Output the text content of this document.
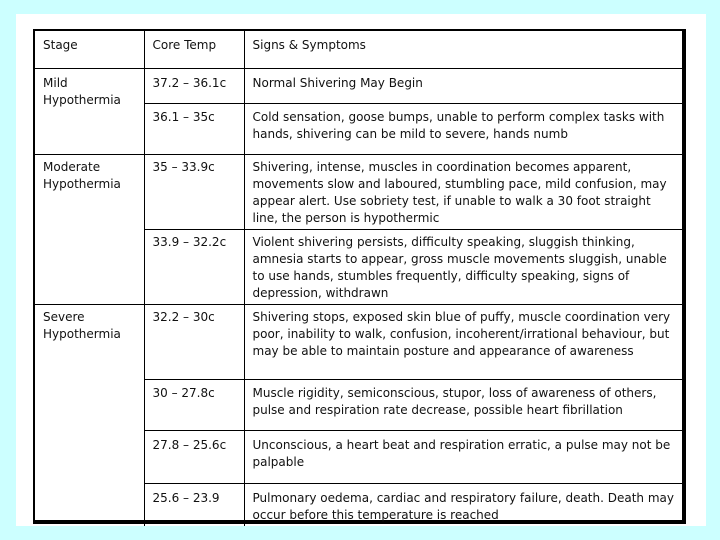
Stage	Core Temp	Signs & Symptoms
Mild Hypothermia	37.2 – 36.1c	Normal Shivering May Begin
	36.1 – 35c	Cold sensation, goose bumps, unable to perform complex tasks with hands, shivering can be mild to severe, hands numb
Moderate Hypothermia	35 – 33.9c	Shivering, intense, muscles in coordination becomes apparent, movements slow and laboured, stumbling pace, mild confusion, may appear alert. Use sobriety test, if unable to walk a 30 foot straight line, the person is hypothermic
	33.9 – 32.2c	Violent shivering persists, difficulty speaking, sluggish thinking, amnesia starts to appear, gross muscle movements sluggish, unable to use hands, stumbles frequently, difficulty speaking, signs of depression, withdrawn
Severe Hypothermia	32.2 – 30c	Shivering stops, exposed skin blue of puffy, muscle coordination very poor, inability to walk, confusion, incoherent/irrational behaviour, but may be able to maintain posture and appearance of awareness
	30 – 27.8c	Muscle rigidity, semiconscious, stupor, loss of awareness of others, pulse and respiration rate decrease, possible heart fibrillation
	27.8 – 25.6c	Unconscious, a heart beat and respiration erratic, a pulse may not be palpable
	25.6 – 23.9	Pulmonary oedema, cardiac and respiratory failure, death. Death may occur before this temperature is reached
